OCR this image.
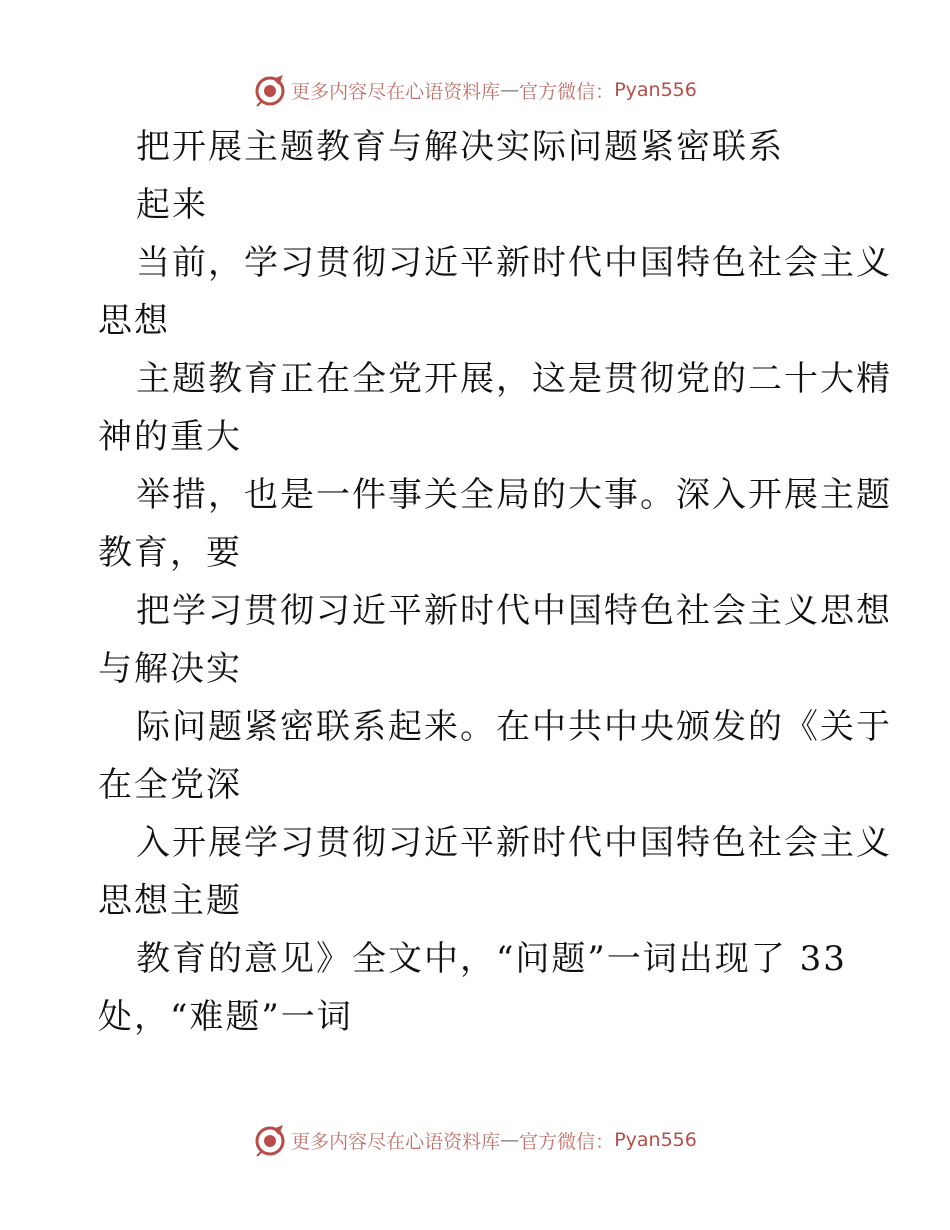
更多内容尽在心语资料库 — 官方微信： Pyan556
把开展主题教育与解决实际问题紧密联系
起来
当前，学习贯彻习近平新时代中国特色社会主义
思想
主题教育正在全党开展，这是贯彻党的二十大精
神的重大
举措，也是一件事关全局的大事。深入开展主题
教育，要
把学习贯彻习近平新时代中国特色社会主义思想
与解决实
际问题紧密联系起来。在中共中央颁发的《关于
在全党深
入开展学习贯彻习近平新时代中国特色社会主义
思想主题
教育的意见》全文中，“问题”一词出现了 33
处，“难题”一词
更多内容尽在心语资料库 — 官方微信： Pyan556
